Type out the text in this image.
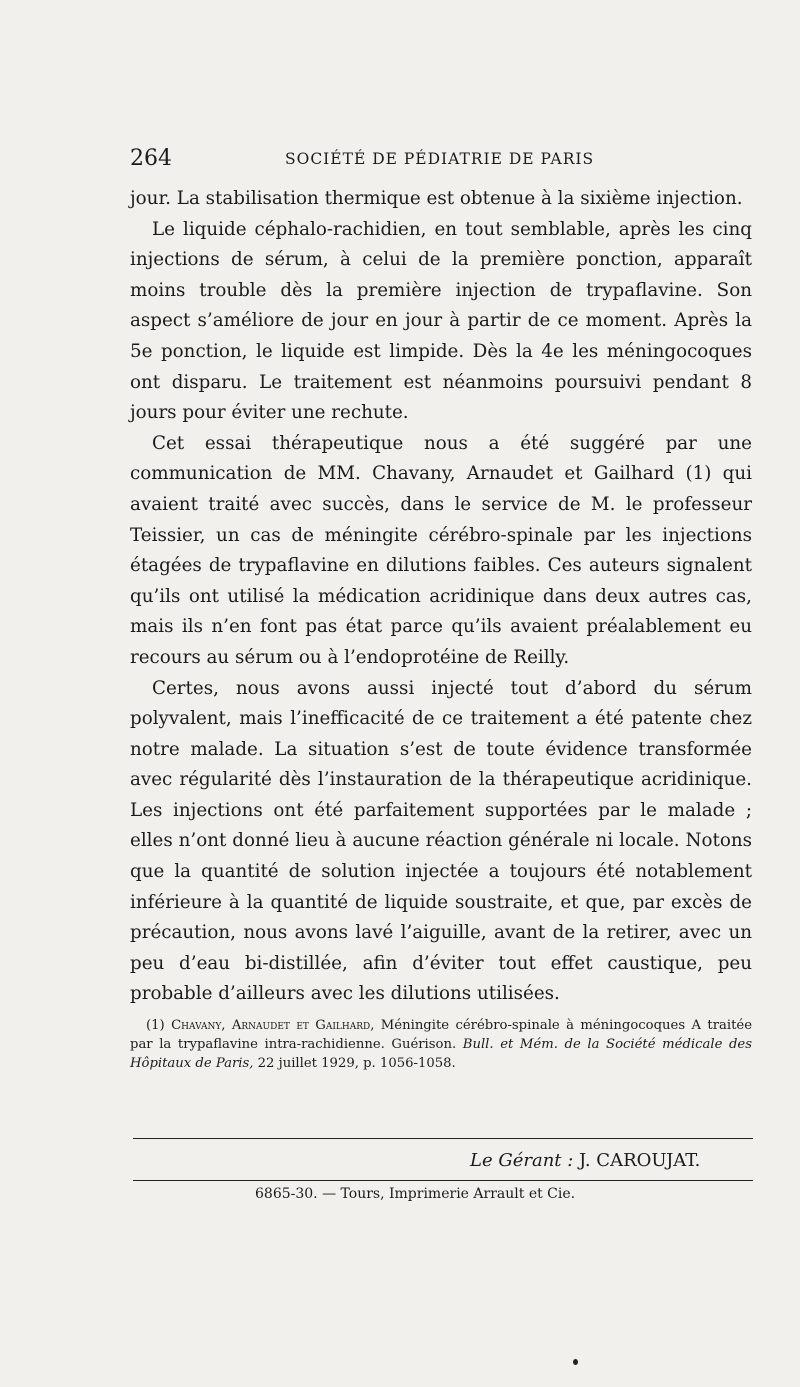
264	SOCIÉTÉ DE PÉDIATRIE DE PARIS

jour. La stabilisation thermique est obtenue à la sixième injection.

Le liquide céphalo-rachidien, en tout semblable, après les cinq injections de sérum, à celui de la première ponction, apparaît moins trouble dès la première injection de trypaflavine. Son aspect s’améliore de jour en jour à partir de ce moment. Après la 5e ponction, le liquide est limpide. Dès la 4e les méningocoques ont disparu. Le traitement est néanmoins poursuivi pendant 8 jours pour éviter une rechute.

Cet essai thérapeutique nous a été suggéré par une communication de MM. Chavany, Arnaudet et Gailhard (1) qui avaient traité avec succès, dans le service de M. le professeur Teissier, un cas de méningite cérébro-spinale par les injections étagées de trypaflavine en dilutions faibles. Ces auteurs signalent qu’ils ont utilisé la médication acridinique dans deux autres cas, mais ils n’en font pas état parce qu’ils avaient préalablement eu recours au sérum ou à l’endoprotéine de Reilly.

Certes, nous avons aussi injecté tout d’abord du sérum polyvalent, mais l’inefficacité de ce traitement a été patente chez notre malade. La situation s’est de toute évidence transformée avec régularité dès l’instauration de la thérapeutique acridinique. Les injections ont été parfaitement supportées par le malade ; elles n’ont donné lieu à aucune réaction générale ni locale. Notons que la quantité de solution injectée a toujours été notablement inférieure à la quantité de liquide soustraite, et que, par excès de précaution, nous avons lavé l’aiguille, avant de la retirer, avec un peu d’eau bi-distillée, afin d’éviter tout effet caustique, peu probable d’ailleurs avec les dilutions utilisées.

(1) Chavany, Arnaudet et Gailhard, Méningite cérébro-spinale à méningocoques A traitée par la trypaflavine intra-rachidienne. Guérison. Bull. et Mém. de la Société médicale des Hôpitaux de Paris, 22 juillet 1929, p. 1056-1058.

Le Gérant : J. CAROUJAT.
6865-30. — Tours, Imprimerie Arrault et Cie.
